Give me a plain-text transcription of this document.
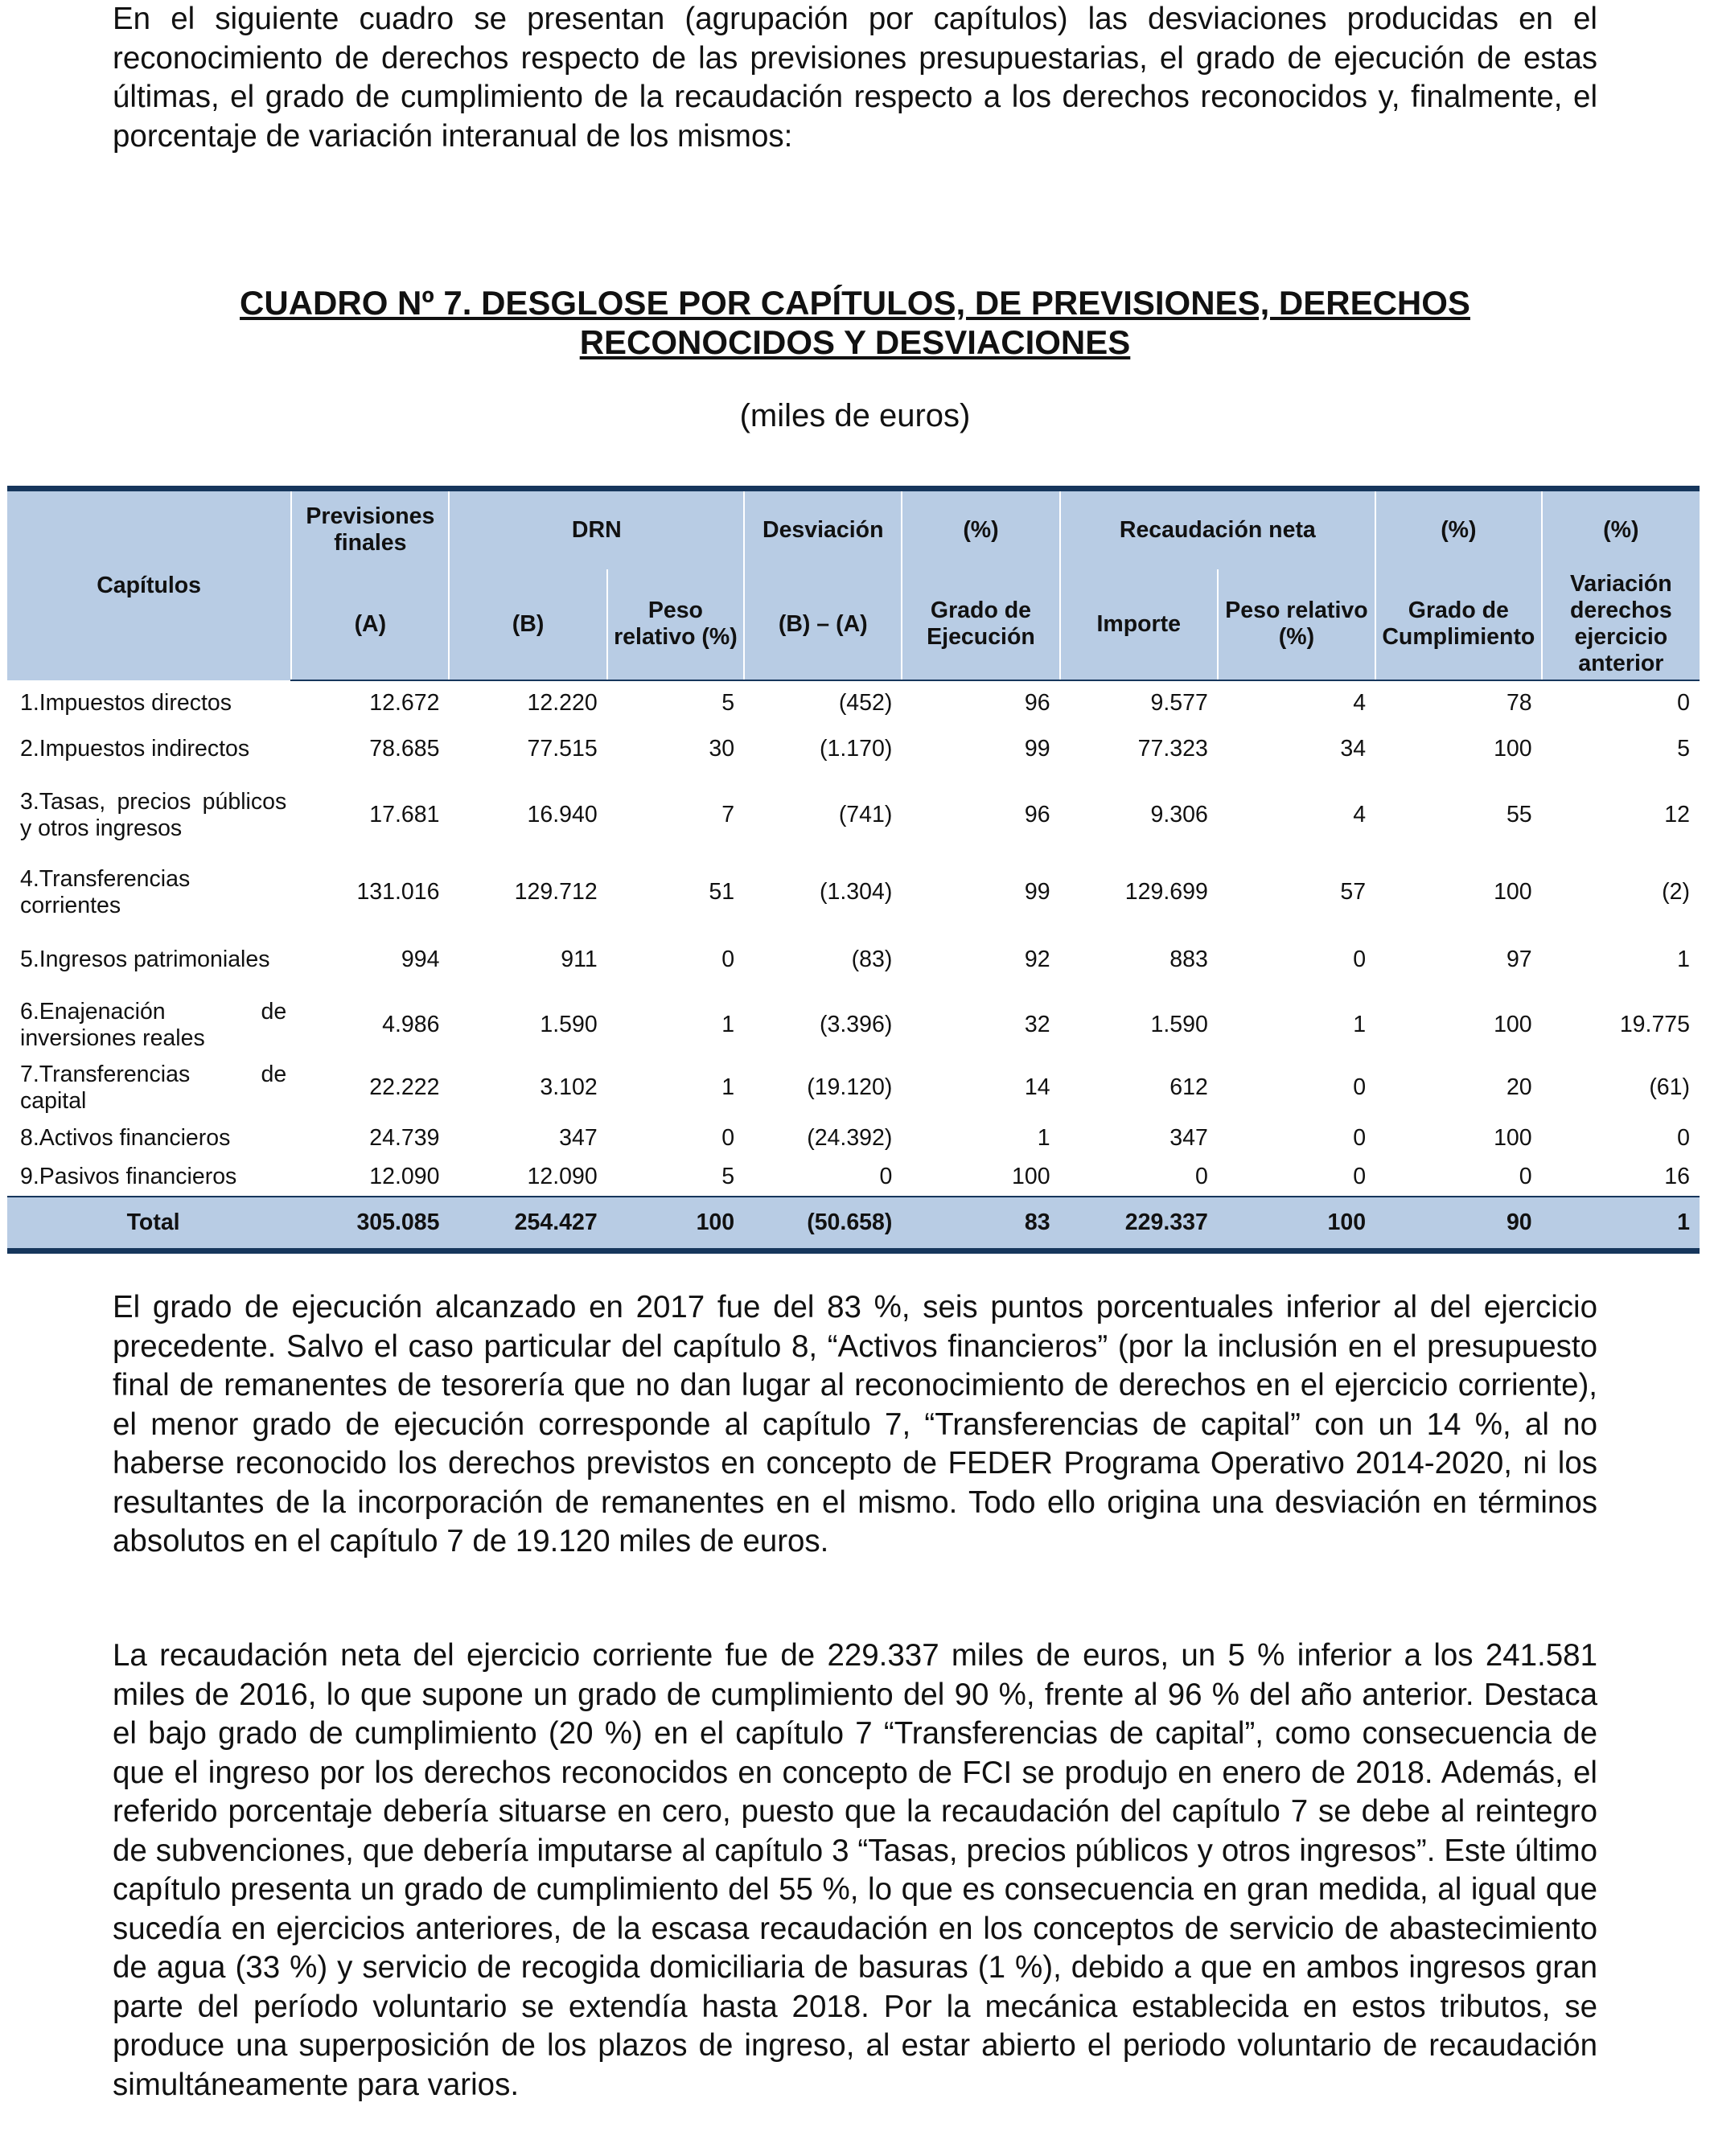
En el siguiente cuadro se presentan (agrupación por capítulos) las desviaciones producidas en el reconocimiento de derechos respecto de las previsiones presupuestarias, el grado de ejecución de estas últimas, el grado de cumplimiento de la recaudación respecto a los derechos reconocidos y, finalmente, el porcentaje de variación interanual de los mismos:

CUADRO Nº 7. DESGLOSE POR CAPÍTULOS, DE PREVISIONES, DERECHOS
RECONOCIDOS Y DESVIACIONES
(miles de euros)
Capítulos	Previsiones finales	DRN		Desviación	(%)	Recaudación neta		(%)	(%)
	(A)	(B)	Peso relativo (%)	(B) – (A)	Grado de Ejecución	Importe	Peso relativo (%)	Grado de Cumplimiento	Variación derechos ejercicio anterior
1.Impuestos directos	12.672	12.220	5	(452)	96	9.577	4	78	0
2.Impuestos indirectos	78.685	77.515	30	(1.170)	99	77.323	34	100	5
3.Tasas, precios públicos y otros ingresos	17.681	16.940	7	(741)	96	9.306	4	55	12
4.Transferencias corrientes	131.016	129.712	51	(1.304)	99	129.699	57	100	(2)
5.Ingresos patrimoniales	994	911	0	(83)	92	883	0	97	1
6.Enajenación de inversiones reales	4.986	1.590	1	(3.396)	32	1.590	1	100	19.775
7.Transferencias de capital	22.222	3.102	1	(19.120)	14	612	0	20	(61)
8.Activos financieros	24.739	347	0	(24.392)	1	347	0	100	0
9.Pasivos financieros	12.090	12.090	5	0	100	0	0	0	16
Total	305.085	254.427	100	(50.658)	83	229.337	100	90	1

El grado de ejecución alcanzado en 2017 fue del 83 %, seis puntos porcentuales inferior al del ejercicio precedente. Salvo el caso particular del capítulo 8, “Activos financieros” (por la inclusión en el presupuesto final de remanentes de tesorería que no dan lugar al reconocimiento de derechos en el ejercicio corriente), el menor grado de ejecución corresponde al capítulo 7, “Transferencias de capital” con un 14 %, al no haberse reconocido los derechos previstos en concepto de FEDER Programa Operativo 2014-2020, ni los resultantes de la incorporación de remanentes en el mismo. Todo ello origina una desviación en términos absolutos en el capítulo 7 de 19.120 miles de euros.

La recaudación neta del ejercicio corriente fue de 229.337 miles de euros, un 5 % inferior a los 241.581 miles de 2016, lo que supone un grado de cumplimiento del 90 %, frente al 96 % del año anterior. Destaca el bajo grado de cumplimiento (20 %) en el capítulo 7 “Transferencias de capital”, como consecuencia de que el ingreso por los derechos reconocidos en concepto de FCI se produjo en enero de 2018. Además, el referido porcentaje debería situarse en cero, puesto que la recaudación del capítulo 7 se debe al reintegro de subvenciones, que debería imputarse al capítulo 3 “Tasas, precios públicos y otros ingresos”. Este último capítulo presenta un grado de cumplimiento del 55 %, lo que es consecuencia en gran medida, al igual que sucedía en ejercicios anteriores, de la escasa recaudación en los conceptos de servicio de abastecimiento de agua (33 %) y servicio de recogida domiciliaria de basuras (1 %), debido a que en ambos ingresos gran parte del período voluntario se extendía hasta 2018. Por la mecánica establecida en estos tributos, se produce una superposición de los plazos de ingreso, al estar abierto el periodo voluntario de recaudación simultáneamente para varios.
